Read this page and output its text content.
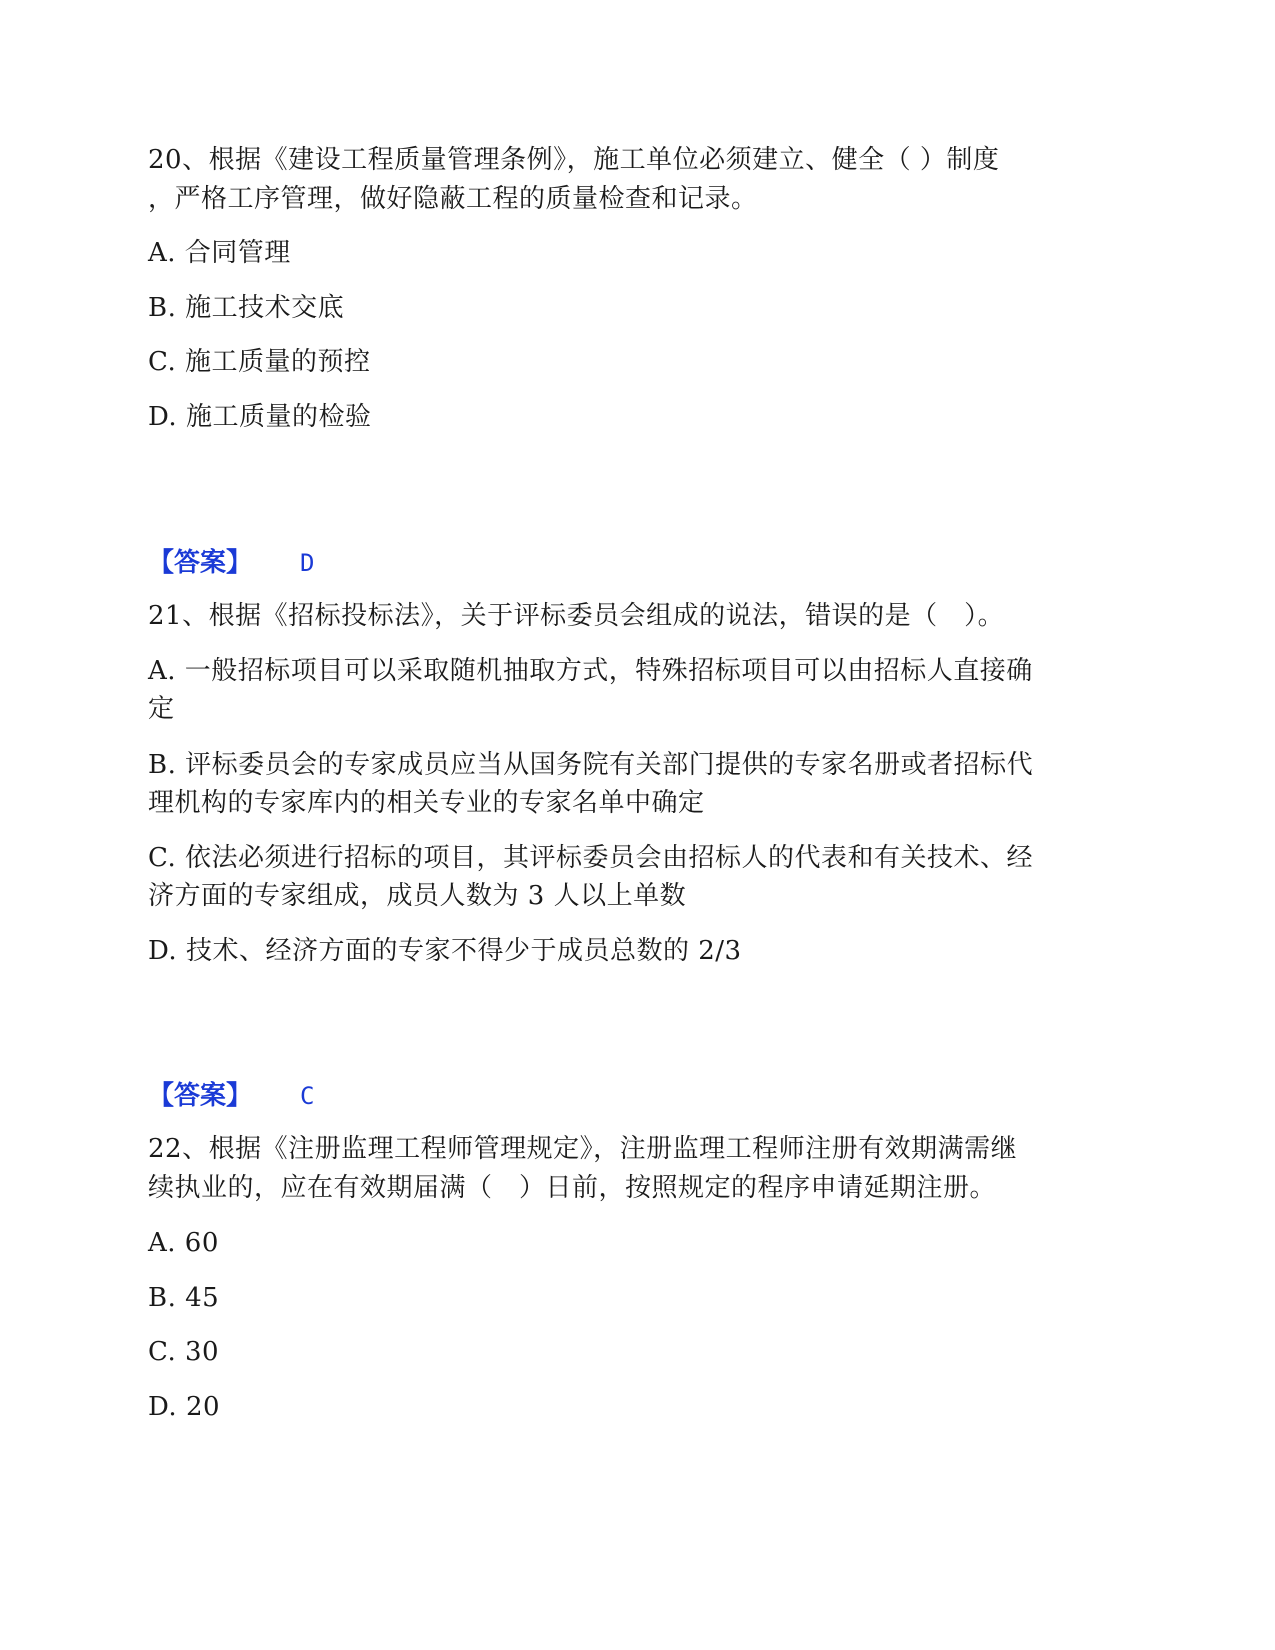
20、根据《建设工程质量管理条例》，施工单位必须建立、健全（ ）制度
，严格工序管理，做好隐蔽工程的质量检查和记录。
A. 合同管理
B. 施工技术交底
C. 施工质量的预控
D. 施工质量的检验
【答案】 D
21、根据《招标投标法》，关于评标委员会组成的说法，错误的是（　）。
A. 一般招标项目可以采取随机抽取方式，特殊招标项目可以由招标人直接确
定
B. 评标委员会的专家成员应当从国务院有关部门提供的专家名册或者招标代
理机构的专家库内的相关专业的专家名单中确定
C. 依法必须进行招标的项目，其评标委员会由招标人的代表和有关技术、经
济方面的专家组成，成员人数为 3 人以上单数
D. 技术、经济方面的专家不得少于成员总数的 2/3
【答案】 C
22、根据《注册监理工程师管理规定》，注册监理工程师注册有效期满需继
续执业的，应在有效期届满（　）日前，按照规定的程序申请延期注册。
A. 60
B. 45
C. 30
D. 20
